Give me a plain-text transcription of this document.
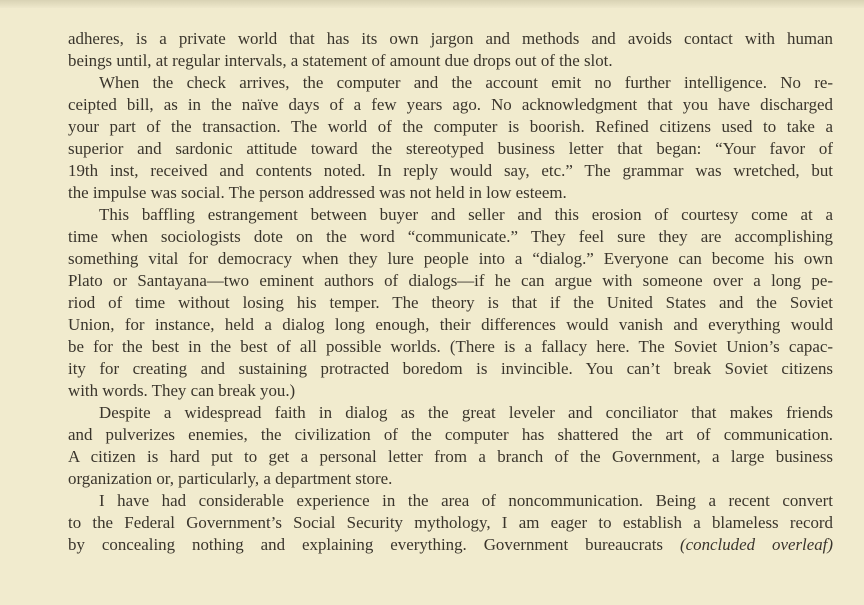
adheres, is a private world that has its own jargon and methods and avoids contact with human
beings until, at regular intervals, a statement of amount due drops out of the slot.
When the check arrives, the computer and the account emit no further intelligence. No re-
ceipted bill, as in the naïve days of a few years ago. No acknowledgment that you have discharged
your part of the transaction. The world of the computer is boorish. Refined citizens used to take a
superior and sardonic attitude toward the stereotyped business letter that began: “Your favor of
19th inst, received and contents noted. In reply would say, etc.” The grammar was wretched, but
the impulse was social. The person addressed was not held in low esteem.
This baffling estrangement between buyer and seller and this erosion of courtesy come at a
time when sociologists dote on the word “communicate.” They feel sure they are accomplishing
something vital for democracy when they lure people into a “dialog.” Everyone can become his own
Plato or Santayana—two eminent authors of dialogs—if he can argue with someone over a long pe-
riod of time without losing his temper. The theory is that if the United States and the Soviet
Union, for instance, held a dialog long enough, their differences would vanish and everything would
be for the best in the best of all possible worlds. (There is a fallacy here. The Soviet Union’s capac-
ity for creating and sustaining protracted boredom is invincible. You can’t break Soviet citizens
with words. They can break you.)
Despite a widespread faith in dialog as the great leveler and conciliator that makes friends
and pulverizes enemies, the civilization of the computer has shattered the art of communication.
A citizen is hard put to get a personal letter from a branch of the Government, a large business
organization or, particularly, a department store.
I have had considerable experience in the area of noncommunication. Being a recent convert
to the Federal Government’s Social Security mythology, I am eager to establish a blameless record
by concealing nothing and explaining everything. Government bureaucrats (concluded overleaf)
